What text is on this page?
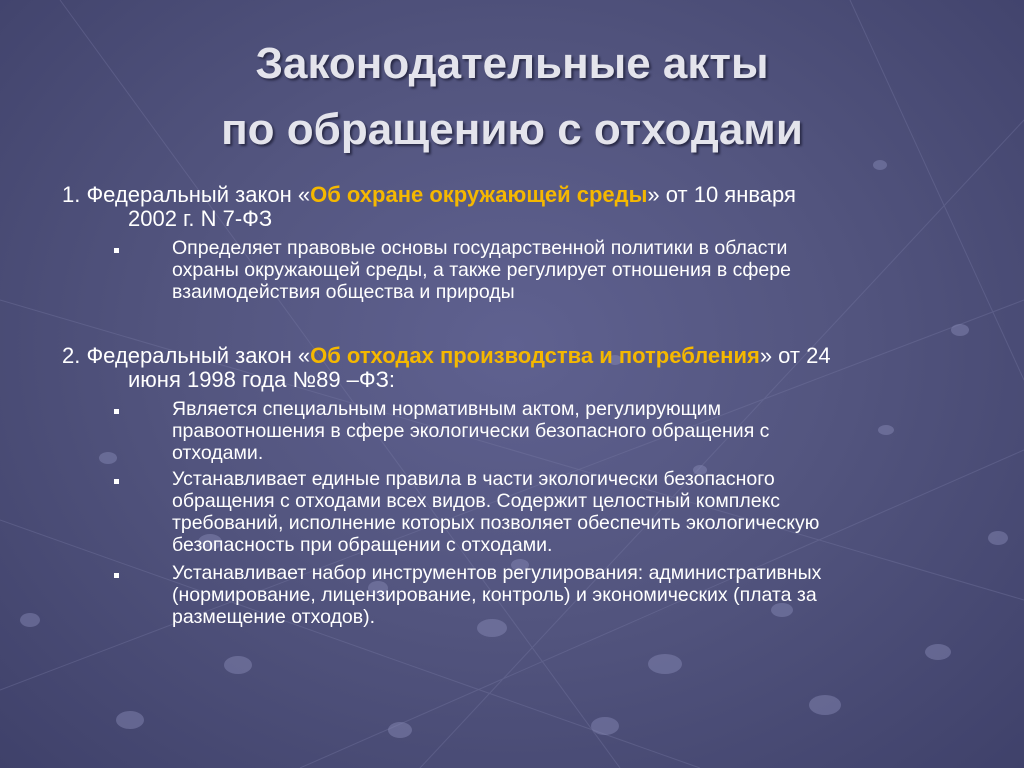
Законодательные акты
по обращению с отходами
1. Федеральный закон «Об охране окружающей среды» от 10 января
2002 г. N 7-ФЗ
Определяет правовые основы государственной политики в области
охраны окружающей среды, а также регулирует отношения в сфере
взаимодействия общества и природы
2. Федеральный закон «Об отходах производства и потребления» от 24
июня 1998 года №89 –ФЗ:
Является специальным нормативным актом, регулирующим
правоотношения в сфере экологически безопасного обращения с
отходами.
Устанавливает единые правила в части экологически безопасного
обращения с отходами всех видов. Содержит целостный комплекс
требований, исполнение которых позволяет обеспечить экологическую
безопасность при обращении с отходами.
Устанавливает набор инструментов регулирования: административных
(нормирование, лицензирование, контроль) и экономических (плата за
размещение отходов).
